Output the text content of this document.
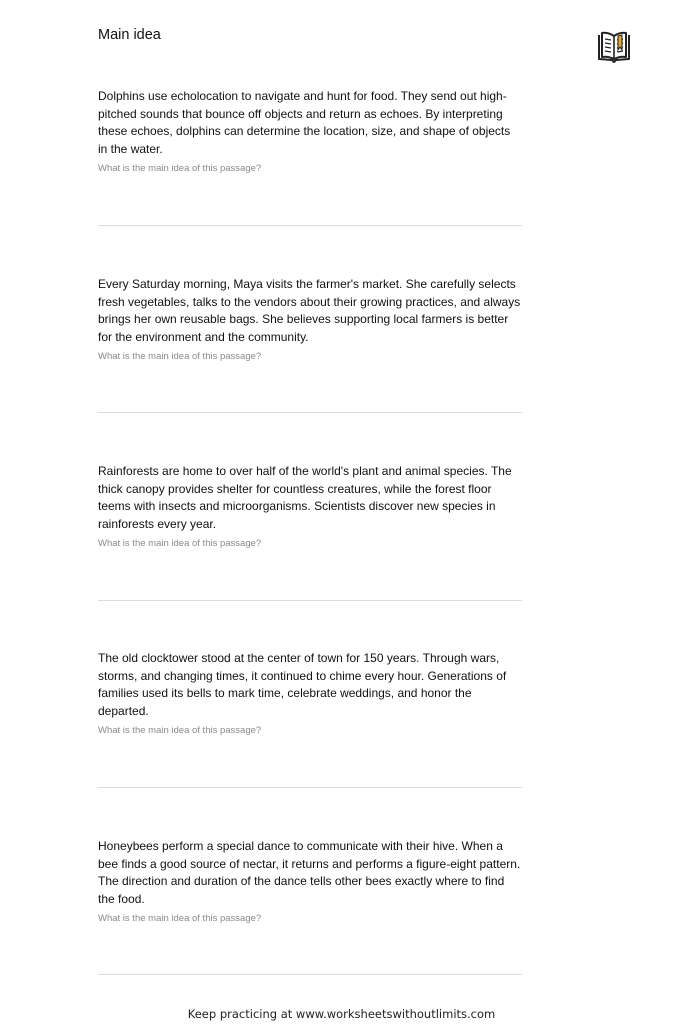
Main idea

Dolphins use echolocation to navigate and hunt for food. They send out high-pitched sounds that bounce off objects and return as echoes. By interpreting these echoes, dolphins can determine the location, size, and shape of objects in the water.

What is the main idea of this passage?

Every Saturday morning, Maya visits the farmer's market. She carefully selects fresh vegetables, talks to the vendors about their growing practices, and always brings her own reusable bags. She believes supporting local farmers is better for the environment and the community.

What is the main idea of this passage?

Rainforests are home to over half of the world's plant and animal species. The thick canopy provides shelter for countless creatures, while the forest floor teems with insects and microorganisms. Scientists discover new species in rainforests every year.

What is the main idea of this passage?

The old clocktower stood at the center of town for 150 years. Through wars, storms, and changing times, it continued to chime every hour. Generations of families used its bells to mark time, celebrate weddings, and honor the departed.

What is the main idea of this passage?

Honeybees perform a special dance to communicate with their hive. When a bee finds a good source of nectar, it returns and performs a figure-eight pattern. The direction and duration of the dance tells other bees exactly where to find the food.

What is the main idea of this passage?
Keep practicing at www.worksheetswithoutlimits.com
